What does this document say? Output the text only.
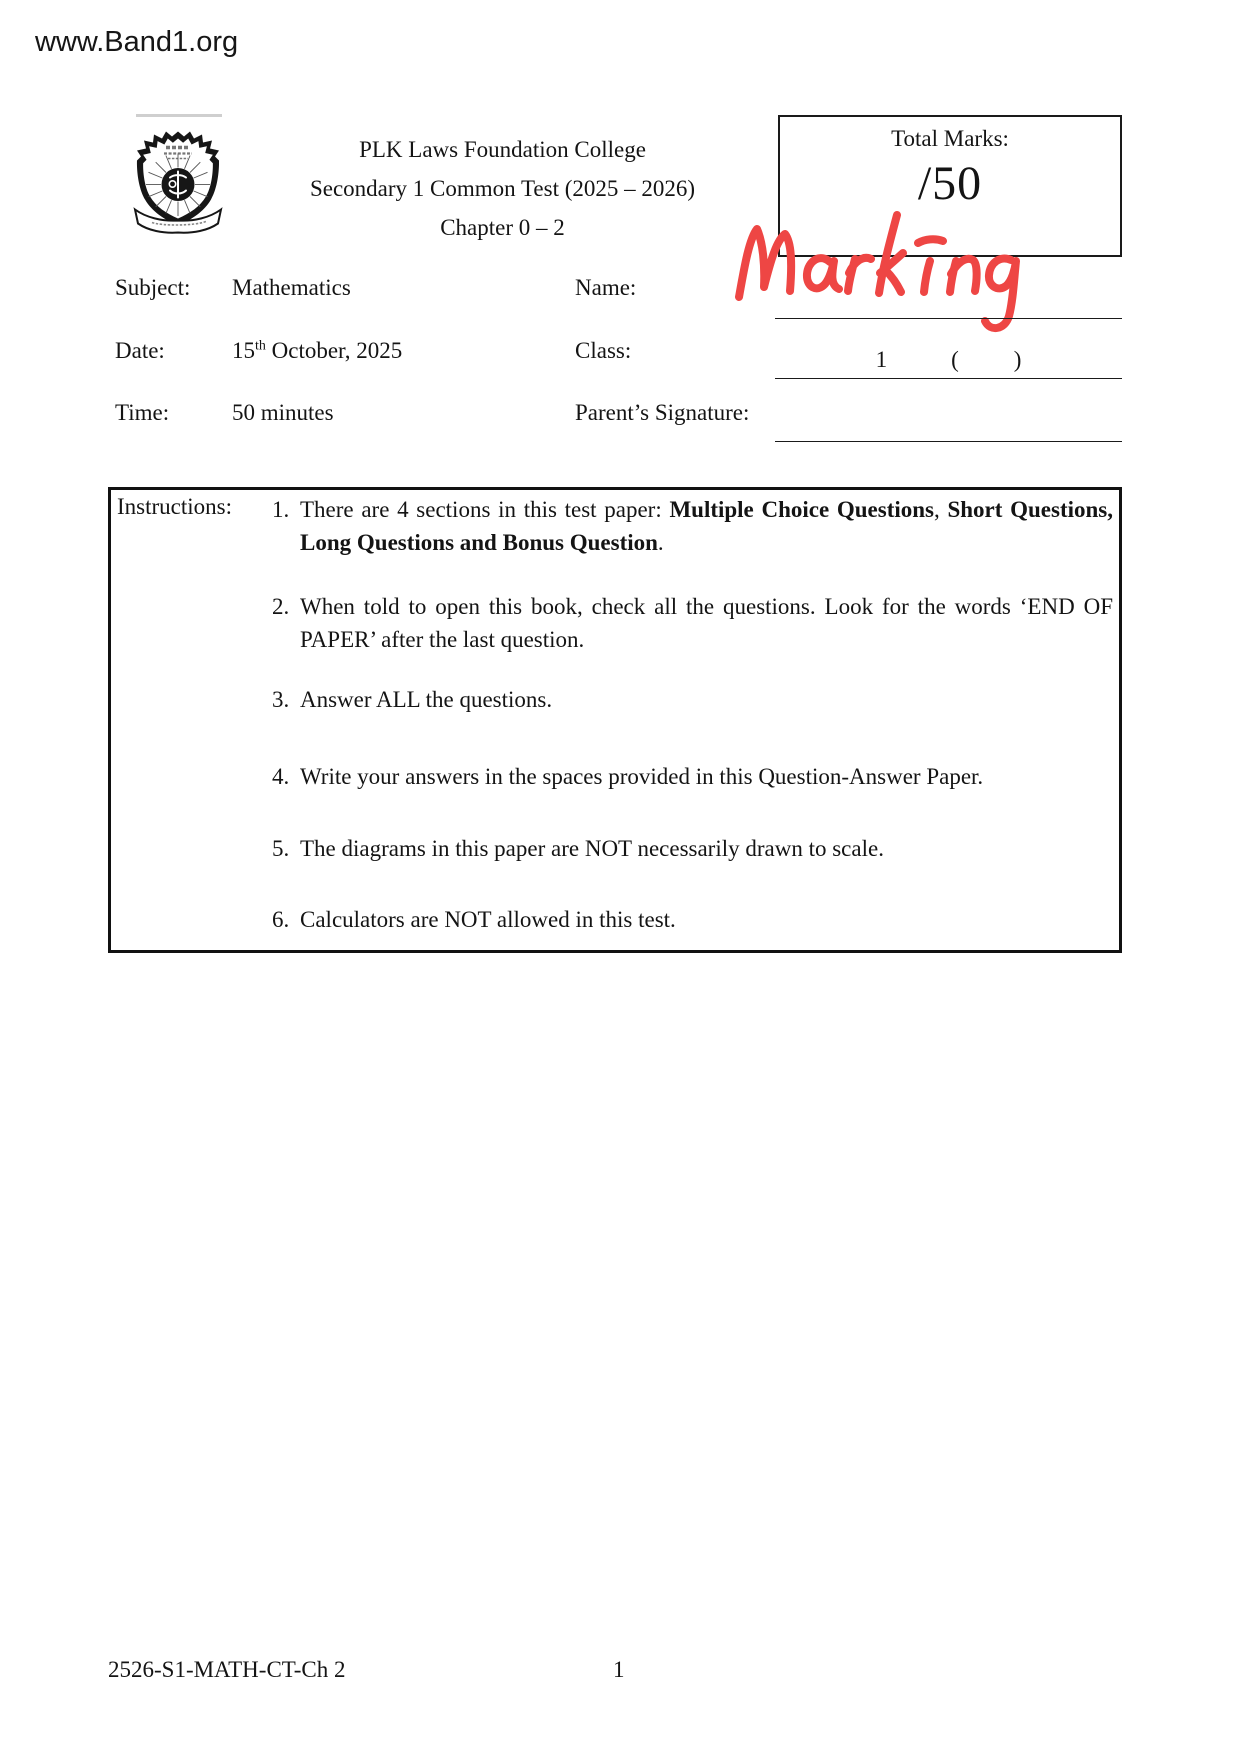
www.Band1.org
PLK Laws Foundation College
Secondary 1 Common Test (2025 – 2026)
Chapter 0 – 2
Total Marks:
/50
Subject: Mathematics	Name:
Date:	15th October, 2025	Class:	1	( )
Time:	50 minutes	Parent’s Signature:
Instructions: 1. There are 4 sections in this test paper: Multiple Choice Questions, Short Questions,
Long Questions and Bonus Question.
2. When told to open this book, check all the questions. Look for the words ‘END OF
PAPER’ after the last question.
3. Answer ALL the questions.
4. Write your answers in the spaces provided in this Question-Answer Paper.
5. The diagrams in this paper are NOT necessarily drawn to scale.
6. Calculators are NOT allowed in this test.
2526-S1-MATH-CT-Ch 2	1
